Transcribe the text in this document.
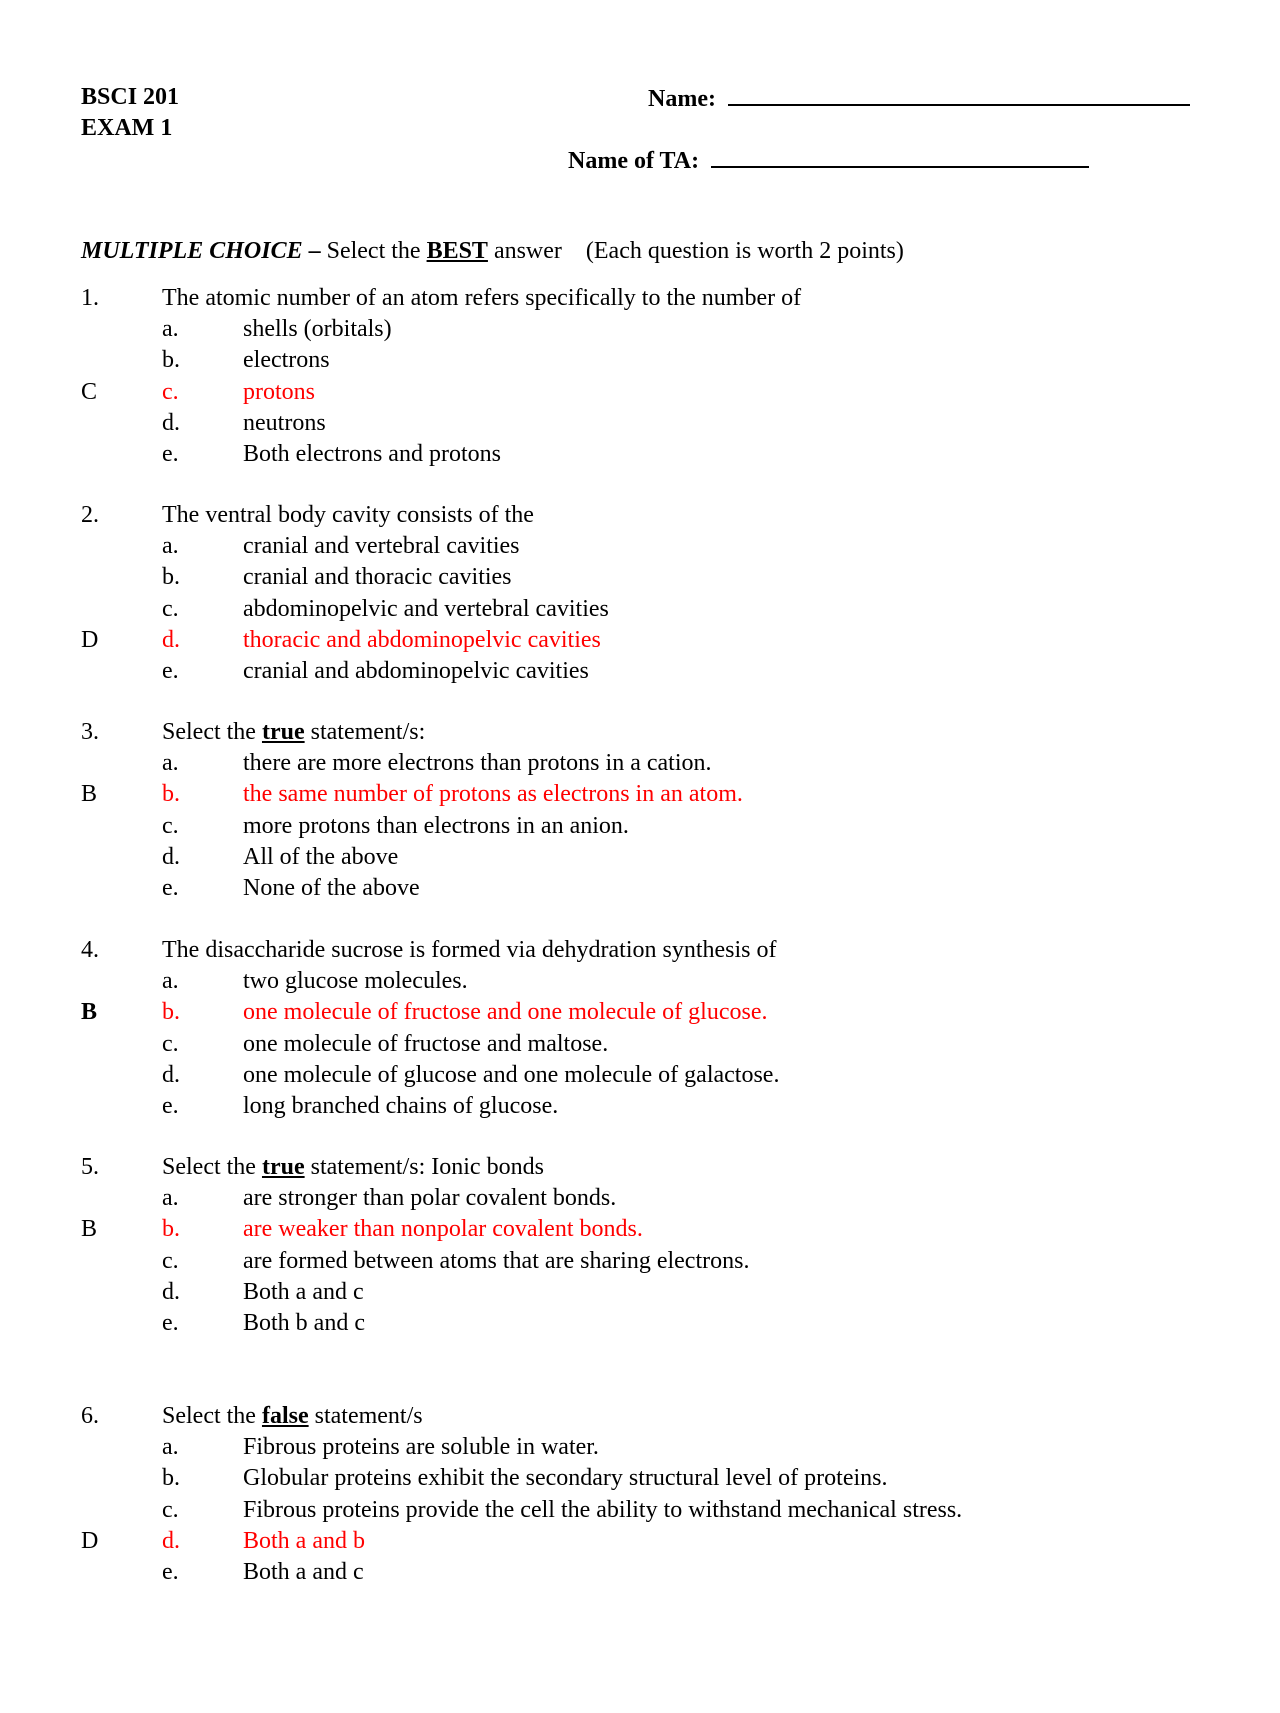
BSCI 201
EXAM 1
Name:
Name of TA:
MULTIPLE CHOICE – Select the BEST answer (Each question is worth 2 points)
1.	The atomic number of an atom refers specifically to the number of
a.	shells (orbitals)
b.	electrons
C	c.	protons
d.	neutrons
e.	Both electrons and protons
2.	The ventral body cavity consists of the
a.	cranial and vertebral cavities
b.	cranial and thoracic cavities
c.	abdominopelvic and vertebral cavities
D	d.	thoracic and abdominopelvic cavities
e.	cranial and abdominopelvic cavities
3.	Select the true statement/s:
a.	there are more electrons than protons in a cation.
B	b.	the same number of protons as electrons in an atom.
c.	more protons than electrons in an anion.
d.	All of the above
e.	None of the above
4.	The disaccharide sucrose is formed via dehydration synthesis of
a.	two glucose molecules.
B	b.	one molecule of fructose and one molecule of glucose.
c.	one molecule of fructose and maltose.
d.	one molecule of glucose and one molecule of galactose.
e.	long branched chains of glucose.
5.	Select the true statement/s: Ionic bonds
a.	are stronger than polar covalent bonds.
B	b.	are weaker than nonpolar covalent bonds.
c.	are formed between atoms that are sharing electrons.
d.	Both a and c
e.	Both b and c
6.	Select the false statement/s
a.	Fibrous proteins are soluble in water.
b.	Globular proteins exhibit the secondary structural level of proteins.
c.	Fibrous proteins provide the cell the ability to withstand mechanical stress.
D	d.	Both a and b
e.	Both a and c
